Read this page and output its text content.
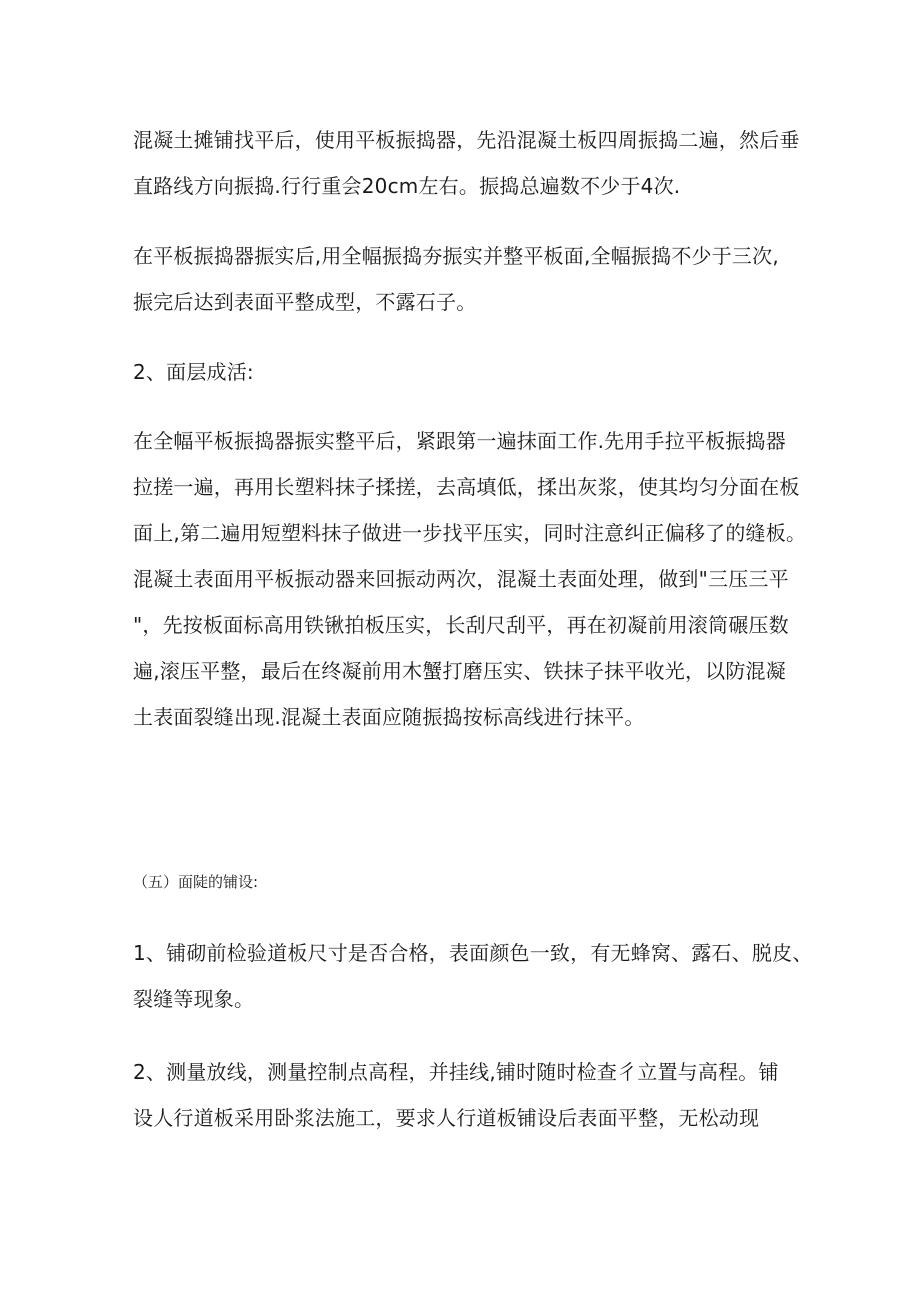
混凝土摊铺找平后，使用平板振捣器，先沿混凝土板四周振捣二遍，然后垂
直路线方向振捣.行行重会20cm左右。振捣总遍数不少于4次.
在平板振捣器振实后,用全幅振捣夯振实并整平板面,全幅振捣不少于三次,
振完后达到表面平整成型，不露石子。
2、面层成活:
在全幅平板振捣器振实整平后，紧跟第一遍抹面工作.先用手拉平板振捣器
拉搓一遍，再用长塑料抹子揉搓，去高填低，揉出灰浆，使其均匀分面在板
面上,第二遍用短塑料抹子做进一步找平压实，同时注意纠正偏移了的缝板。
混凝土表面用平板振动器来回振动两次，混凝土表面处理，做到"三压三平
"，先按板面标高用铁锹拍板压实，长刮尺刮平，再在初凝前用滚筒碾压数
遍,滚压平整，最后在终凝前用木蟹打磨压实、铁抹子抹平收光，以防混凝
土表面裂缝出现.混凝土表面应随振捣按标高线进行抹平。
（五）面陡的铺设:
1、铺砌前检验道板尺寸是否合格，表面颜色一致，有无蜂窝、露石、脱皮、
裂缝等现象。
2、测量放线，测量控制点高程，并挂线,铺时随时检查彳立置与高程。铺
设人行道板采用卧浆法施工，要求人行道板铺设后表面平整，无松动现
